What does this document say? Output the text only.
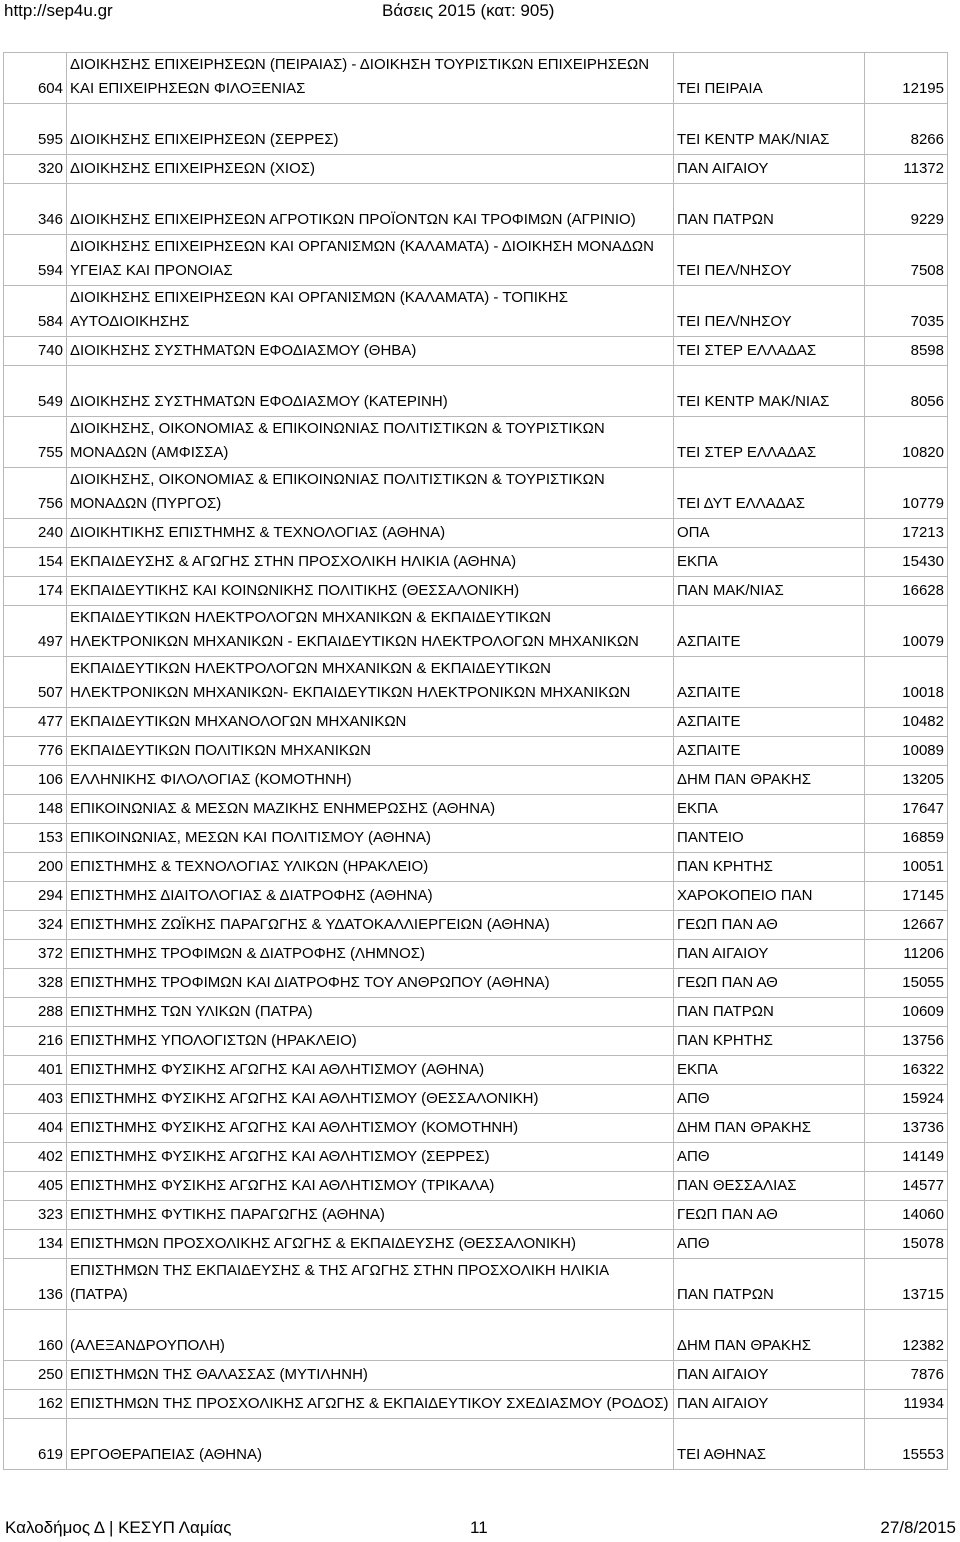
http://sep4u.gr	Βάσεις 2015 (κατ: 905)
604	ΔΙΟΙΚΗΣΗΣ ΕΠΙΧΕΙΡΗΣΕΩΝ (ΠΕΙΡΑΙΑΣ) - ΔΙΟΙΚΗΣΗ ΤΟΥΡΙΣΤΙΚΩΝ ΕΠΙΧΕΙΡΗΣΕΩΝ ΚΑΙ ΕΠΙΧΕΙΡΗΣΕΩΝ ΦΙΛΟΞΕΝΙΑΣ	ΤΕΙ ΠΕΙΡΑΙΑ	12195
595	ΔΙΟΙΚΗΣΗΣ ΕΠΙΧΕΙΡΗΣΕΩΝ (ΣΕΡΡΕΣ)	ΤΕΙ ΚΕΝΤΡ ΜΑΚ/ΝΙΑΣ	8266
320	ΔΙΟΙΚΗΣΗΣ ΕΠΙΧΕΙΡΗΣΕΩΝ (ΧΙΟΣ)	ΠΑΝ ΑΙΓΑΙΟΥ	11372
346	ΔΙΟΙΚΗΣΗΣ ΕΠΙΧΕΙΡΗΣΕΩΝ ΑΓΡΟΤΙΚΩΝ ΠΡΟΪΟΝΤΩΝ ΚΑΙ ΤΡΟΦΙΜΩΝ (ΑΓΡΙΝΙΟ)	ΠΑΝ ΠΑΤΡΩΝ	9229
594	ΔΙΟΙΚΗΣΗΣ ΕΠΙΧΕΙΡΗΣΕΩΝ ΚΑΙ ΟΡΓΑΝΙΣΜΩΝ (ΚΑΛΑΜΑΤΑ) - ΔΙΟΙΚΗΣΗ ΜΟΝΑΔΩΝ ΥΓΕΙΑΣ ΚΑΙ ΠΡΟΝΟΙΑΣ	ΤΕΙ ΠΕΛ/ΝΗΣΟΥ	7508
584	ΔΙΟΙΚΗΣΗΣ ΕΠΙΧΕΙΡΗΣΕΩΝ ΚΑΙ ΟΡΓΑΝΙΣΜΩΝ (ΚΑΛΑΜΑΤΑ) - ΤΟΠΙΚΗΣ ΑΥΤΟΔΙΟΙΚΗΣΗΣ	ΤΕΙ ΠΕΛ/ΝΗΣΟΥ	7035
740	ΔΙΟΙΚΗΣΗΣ ΣΥΣΤΗΜΑΤΩΝ ΕΦΟΔΙΑΣΜΟΥ (ΘΗΒΑ)	ΤΕΙ ΣΤΕΡ ΕΛΛΑΔΑΣ	8598
549	ΔΙΟΙΚΗΣΗΣ ΣΥΣΤΗΜΑΤΩΝ ΕΦΟΔΙΑΣΜΟΥ (ΚΑΤΕΡΙΝΗ)	ΤΕΙ ΚΕΝΤΡ ΜΑΚ/ΝΙΑΣ	8056
755	ΔΙΟΙΚΗΣΗΣ, ΟΙΚΟΝΟΜΙΑΣ & ΕΠΙΚΟΙΝΩΝΙΑΣ ΠΟΛΙΤΙΣΤΙΚΩΝ & ΤΟΥΡΙΣΤΙΚΩΝ ΜΟΝΑΔΩΝ (ΑΜΦΙΣΣΑ)	ΤΕΙ ΣΤΕΡ ΕΛΛΑΔΑΣ	10820
756	ΔΙΟΙΚΗΣΗΣ, ΟΙΚΟΝΟΜΙΑΣ & ΕΠΙΚΟΙΝΩΝΙΑΣ ΠΟΛΙΤΙΣΤΙΚΩΝ & ΤΟΥΡΙΣΤΙΚΩΝ ΜΟΝΑΔΩΝ (ΠΥΡΓΟΣ)	ΤΕΙ ΔΥΤ ΕΛΛΑΔΑΣ	10779
240	ΔΙΟΙΚΗΤΙΚΗΣ ΕΠΙΣΤΗΜΗΣ & ΤΕΧΝΟΛΟΓΙΑΣ (ΑΘΗΝΑ)	ΟΠΑ	17213
154	ΕΚΠΑΙΔΕΥΣΗΣ & ΑΓΩΓΗΣ ΣΤΗΝ ΠΡΟΣΧΟΛΙΚΗ ΗΛΙΚΙΑ (ΑΘΗΝΑ)	ΕΚΠΑ	15430
174	ΕΚΠΑΙΔΕΥΤΙΚΗΣ ΚΑΙ ΚΟΙΝΩΝΙΚΗΣ ΠΟΛΙΤΙΚΗΣ (ΘΕΣΣΑΛΟΝΙΚΗ)	ΠΑΝ ΜΑΚ/ΝΙΑΣ	16628
497	ΕΚΠΑΙΔΕΥΤΙΚΩΝ ΗΛΕΚΤΡΟΛΟΓΩΝ ΜΗΧΑΝΙΚΩΝ & ΕΚΠΑΙΔΕΥΤΙΚΩΝ ΗΛΕΚΤΡΟΝΙΚΩΝ ΜΗΧΑΝΙΚΩΝ - ΕΚΠΑΙΔΕΥΤΙΚΩΝ ΗΛΕΚΤΡΟΛΟΓΩΝ ΜΗΧΑΝΙΚΩΝ	ΑΣΠΑΙΤΕ	10079
507	ΕΚΠΑΙΔΕΥΤΙΚΩΝ ΗΛΕΚΤΡΟΛΟΓΩΝ ΜΗΧΑΝΙΚΩΝ & ΕΚΠΑΙΔΕΥΤΙΚΩΝ ΗΛΕΚΤΡΟΝΙΚΩΝ ΜΗΧΑΝΙΚΩΝ- ΕΚΠΑΙΔΕΥΤΙΚΩΝ ΗΛΕΚΤΡΟΝΙΚΩΝ ΜΗΧΑΝΙΚΩΝ	ΑΣΠΑΙΤΕ	10018
477	ΕΚΠΑΙΔΕΥΤΙΚΩΝ ΜΗΧΑΝΟΛΟΓΩΝ ΜΗΧΑΝΙΚΩΝ	ΑΣΠΑΙΤΕ	10482
776	ΕΚΠΑΙΔΕΥΤΙΚΩΝ ΠΟΛΙΤΙΚΩΝ ΜΗΧΑΝΙΚΩΝ	ΑΣΠΑΙΤΕ	10089
106	ΕΛΛΗΝΙΚΗΣ ΦΙΛΟΛΟΓΙΑΣ (ΚΟΜΟΤΗΝΗ)	ΔΗΜ ΠΑΝ ΘΡΑΚΗΣ	13205
148	ΕΠΙΚΟΙΝΩΝΙΑΣ & ΜΕΣΩΝ ΜΑΖΙΚΗΣ ΕΝΗΜΕΡΩΣΗΣ (ΑΘΗΝΑ)	ΕΚΠΑ	17647
153	ΕΠΙΚΟΙΝΩΝΙΑΣ, ΜΕΣΩΝ ΚΑΙ ΠΟΛΙΤΙΣΜΟΥ (ΑΘΗΝΑ)	ΠΑΝΤΕΙΟ	16859
200	ΕΠΙΣΤΗΜΗΣ & ΤΕΧΝΟΛΟΓΙΑΣ ΥΛΙΚΩΝ (ΗΡΑΚΛΕΙΟ)	ΠΑΝ ΚΡΗΤΗΣ	10051
294	ΕΠΙΣΤΗΜΗΣ ΔΙΑΙΤΟΛΟΓΙΑΣ & ΔΙΑΤΡΟΦΗΣ (ΑΘΗΝΑ)	ΧΑΡΟΚΟΠΕΙΟ ΠΑΝ	17145
324	ΕΠΙΣΤΗΜΗΣ ΖΩΪΚΗΣ ΠΑΡΑΓΩΓΗΣ & ΥΔΑΤΟΚΑΛΛΙΕΡΓΕΙΩΝ (ΑΘΗΝΑ)	ΓΕΩΠ ΠΑΝ ΑΘ	12667
372	ΕΠΙΣΤΗΜΗΣ ΤΡΟΦΙΜΩΝ & ΔΙΑΤΡΟΦΗΣ (ΛΗΜΝΟΣ)	ΠΑΝ ΑΙΓΑΙΟΥ	11206
328	ΕΠΙΣΤΗΜΗΣ ΤΡΟΦΙΜΩΝ ΚΑΙ ΔΙΑΤΡΟΦΗΣ ΤΟΥ ΑΝΘΡΩΠΟΥ (ΑΘΗΝΑ)	ΓΕΩΠ ΠΑΝ ΑΘ	15055
288	ΕΠΙΣΤΗΜΗΣ ΤΩΝ ΥΛΙΚΩΝ (ΠΑΤΡΑ)	ΠΑΝ ΠΑΤΡΩΝ	10609
216	ΕΠΙΣΤΗΜΗΣ ΥΠΟΛΟΓΙΣΤΩΝ (ΗΡΑΚΛΕΙΟ)	ΠΑΝ ΚΡΗΤΗΣ	13756
401	ΕΠΙΣΤΗΜΗΣ ΦΥΣΙΚΗΣ ΑΓΩΓΗΣ ΚΑΙ ΑΘΛΗΤΙΣΜΟΥ (ΑΘΗΝΑ)	ΕΚΠΑ	16322
403	ΕΠΙΣΤΗΜΗΣ ΦΥΣΙΚΗΣ ΑΓΩΓΗΣ ΚΑΙ ΑΘΛΗΤΙΣΜΟΥ (ΘΕΣΣΑΛΟΝΙΚΗ)	ΑΠΘ	15924
404	ΕΠΙΣΤΗΜΗΣ ΦΥΣΙΚΗΣ ΑΓΩΓΗΣ ΚΑΙ ΑΘΛΗΤΙΣΜΟΥ (ΚΟΜΟΤΗΝΗ)	ΔΗΜ ΠΑΝ ΘΡΑΚΗΣ	13736
402	ΕΠΙΣΤΗΜΗΣ ΦΥΣΙΚΗΣ ΑΓΩΓΗΣ ΚΑΙ ΑΘΛΗΤΙΣΜΟΥ (ΣΕΡΡΕΣ)	ΑΠΘ	14149
405	ΕΠΙΣΤΗΜΗΣ ΦΥΣΙΚΗΣ ΑΓΩΓΗΣ ΚΑΙ ΑΘΛΗΤΙΣΜΟΥ (ΤΡΙΚΑΛΑ)	ΠΑΝ ΘΕΣΣΑΛΙΑΣ	14577
323	ΕΠΙΣΤΗΜΗΣ ΦΥΤΙΚΗΣ ΠΑΡΑΓΩΓΗΣ (ΑΘΗΝΑ)	ΓΕΩΠ ΠΑΝ ΑΘ	14060
134	ΕΠΙΣΤΗΜΩΝ ΠΡΟΣΧΟΛΙΚΗΣ ΑΓΩΓΗΣ & ΕΚΠΑΙΔΕΥΣΗΣ (ΘΕΣΣΑΛΟΝΙΚΗ)	ΑΠΘ	15078
136	ΕΠΙΣΤΗΜΩΝ ΤΗΣ ΕΚΠΑΙΔΕΥΣΗΣ & ΤΗΣ ΑΓΩΓΗΣ ΣΤΗΝ ΠΡΟΣΧΟΛΙΚΗ ΗΛΙΚΙΑ (ΠΑΤΡΑ)	ΠΑΝ ΠΑΤΡΩΝ	13715
160	(ΑΛΕΞΑΝΔΡΟΥΠΟΛΗ)	ΔΗΜ ΠΑΝ ΘΡΑΚΗΣ	12382
250	ΕΠΙΣΤΗΜΩΝ ΤΗΣ ΘΑΛΑΣΣΑΣ (ΜΥΤΙΛΗΝΗ)	ΠΑΝ ΑΙΓΑΙΟΥ	7876
162	ΕΠΙΣΤΗΜΩΝ ΤΗΣ ΠΡΟΣΧΟΛΙΚΗΣ ΑΓΩΓΗΣ & ΕΚΠΑΙΔΕΥΤΙΚΟΥ ΣΧΕΔΙΑΣΜΟΥ (ΡΟΔΟΣ)	ΠΑΝ ΑΙΓΑΙΟΥ	11934
619	ΕΡΓΟΘΕΡΑΠΕΙΑΣ (ΑΘΗΝΑ)	ΤΕΙ ΑΘΗΝΑΣ	15553
Καλοδήμος Δ | ΚΕΣΥΠ Λαμίας	11	27/8/2015
